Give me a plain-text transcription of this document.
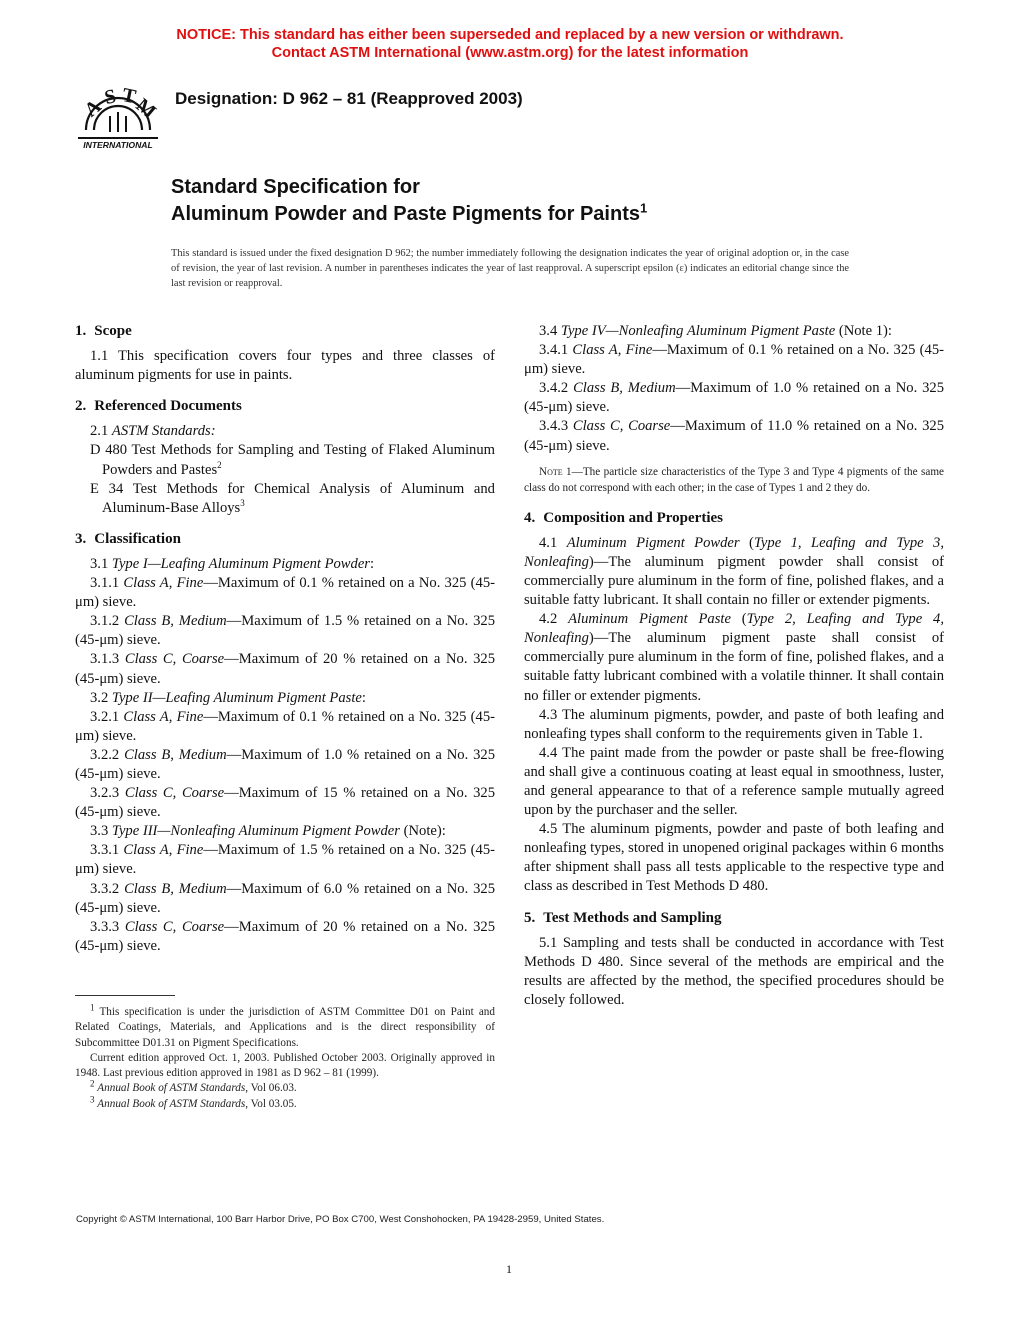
NOTICE: This standard has either been superseded and replaced by a new version or withdrawn.
Contact ASTM International (www.astm.org) for the latest information
A
S T
M
INTERNATIONAL
Designation: D 962 – 81 (Reapproved 2003)
Standard Specification for
Aluminum Powder and Paste Pigments for Paints$^1$
This standard is issued under the fixed designation D 962; the number immediately following the designation indicates the year of original adoption or, in the case of revision, the year of last revision. A number in parentheses indicates the year of last reapproval. A superscript epsilon (ε) indicates an editorial change since the last revision or reapproval.
1. Scope
1.1 This specification covers four types and three classes of aluminum pigments for use in paints.
2. Referenced Documents
2.1 ASTM Standards:
D 480 Test Methods for Sampling and Testing of Flaked Aluminum Powders and Pastes$^2$
E 34 Test Methods for Chemical Analysis of Aluminum and Aluminum-Base Alloys$^3$
3. Classification
3.1 Type I—Leafing Aluminum Pigment Powder:
3.1.1 Class A, Fine—Maximum of 0.1 % retained on a No. 325 (45-μm) sieve.
3.1.2 Class B, Medium—Maximum of 1.5 % retained on a No. 325 (45-μm) sieve.
3.1.3 Class C, Coarse—Maximum of 20 % retained on a No. 325 (45-μm) sieve.
3.2 Type II—Leafing Aluminum Pigment Paste:
3.2.1 Class A, Fine—Maximum of 0.1 % retained on a No. 325 (45-μm) sieve.
3.2.2 Class B, Medium—Maximum of 1.0 % retained on a No. 325 (45-μm) sieve.
3.2.3 Class C, Coarse—Maximum of 15 % retained on a No. 325 (45-μm) sieve.
3.3 Type III—Nonleafing Aluminum Pigment Powder (Note):
3.3.1 Class A, Fine—Maximum of 1.5 % retained on a No. 325 (45-μm) sieve.
3.3.2 Class B, Medium—Maximum of 6.0 % retained on a No. 325 (45-μm) sieve.
3.3.3 Class C, Coarse—Maximum of 20 % retained on a No. 325 (45-μm) sieve.
3.4 Type IV—Nonleafing Aluminum Pigment Paste (Note 1):
3.4.1 Class A, Fine—Maximum of 0.1 % retained on a No. 325 (45-μm) sieve.
3.4.2 Class B, Medium—Maximum of 1.0 % retained on a No. 325 (45-μm) sieve.
3.4.3 Class C, Coarse—Maximum of 11.0 % retained on a No. 325 (45-μm) sieve.
Note 1—The particle size characteristics of the Type 3 and Type 4 pigments of the same class do not correspond with each other; in the case of Types 1 and 2 they do.
4. Composition and Properties
4.1 Aluminum Pigment Powder (Type 1, Leafing and Type 3, Nonleafing)—The aluminum pigment powder shall consist of commercially pure aluminum in the form of fine, polished flakes, and a suitable fatty lubricant. It shall contain no filler or extender pigments.
4.2 Aluminum Pigment Paste (Type 2, Leafing and Type 4, Nonleafing)—The aluminum pigment paste shall consist of commercially pure aluminum in the form of fine, polished flakes, and a suitable fatty lubricant combined with a volatile thinner. It shall contain no filler or extender pigments.
4.3 The aluminum pigments, powder, and paste of both leafing and nonleafing types shall conform to the requirements given in Table 1.
4.4 The paint made from the powder or paste shall be free-flowing and shall give a continuous coating at least equal in smoothness, luster, and general appearance to that of a reference sample mutually agreed upon by the purchaser and the seller.
4.5 The aluminum pigments, powder and paste of both leafing and nonleafing types, stored in unopened original packages within 6 months after shipment shall pass all tests applicable to the respective type and class as described in Test Methods D 480.
5. Test Methods and Sampling
5.1 Sampling and tests shall be conducted in accordance with Test Methods D 480. Since several of the methods are empirical and the results are affected by the method, the specified procedures should be closely followed.
$^1$ This specification is under the jurisdiction of ASTM Committee D01 on Paint and Related Coatings, Materials, and Applications and is the direct responsibility of Subcommittee D01.31 on Pigment Specifications.
Current edition approved Oct. 1, 2003. Published October 2003. Originally approved in 1948. Last previous edition approved in 1981 as D 962 – 81 (1999).
$^2$ Annual Book of ASTM Standards, Vol 06.03.
$^3$ Annual Book of ASTM Standards, Vol 03.05.
Copyright © ASTM International, 100 Barr Harbor Drive, PO Box C700, West Conshohocken, PA 19428-2959, United States.
1
